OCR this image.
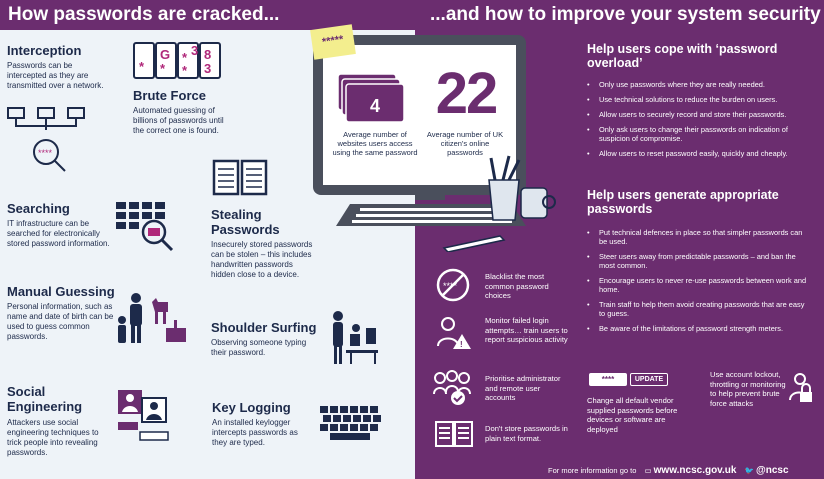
How passwords are cracked...	...and how to improve your system security
Interception
Passwords can be intercepted as they are transmitted over a network.
****
*
G	8
*
*
* 3
3
Brute Force
Automated guessing of billions of passwords until the correct one is found.
Searching
IT infrastructure can be searched for electronically stored password information.
Stealing Passwords
Insecurely stored passwords can be stolen – this includes handwritten passwords hidden close to a device.
Manual Guessing
Personal information, such as name and date of birth can be used to guess common passwords.
Shoulder Surfing
Observing someone typing their password.
Social Engineering
Attackers use social engineering techniques to trick people into revealing passwords.
Key Logging
An installed keylogger intercepts passwords as they are typed.
*****
4
Average number of websites users access using the same password
22
Average number of UK citizen's online passwords
Help users cope with ‘password overload’
• Only use passwords where they are really needed.
• Use technical solutions to reduce the burden on users.
• Allow users to securely record and store their passwords.
• Only ask users to change their passwords on indication of suspicion of compromise.
• Allow users to reset password easily, quickly and cheaply.
Help users generate appropriate passwords
• Put technical defences in place so that simpler passwords can be used.
• Steer users away from predictable passwords – and ban the most common.
• Encourage users to never re-use passwords between work and home.
• Train staff to help them avoid creating passwords that are easy to guess.
• Be aware of the limitations of password strength meters.
****
Blacklist the most common password choices
!
Monitor failed login attempts… train users to report suspicious activity
Prioritise administrator and remote user accounts
Don't store passwords in plain text format.
****	UPDATE
Change all default vendor supplied passwords before devices or software are deployed
Use account lockout, throttling or monitoring to help prevent brute force attacks
For more information go to ▭ www.ncsc.gov.uk 🐦 @ncsc
